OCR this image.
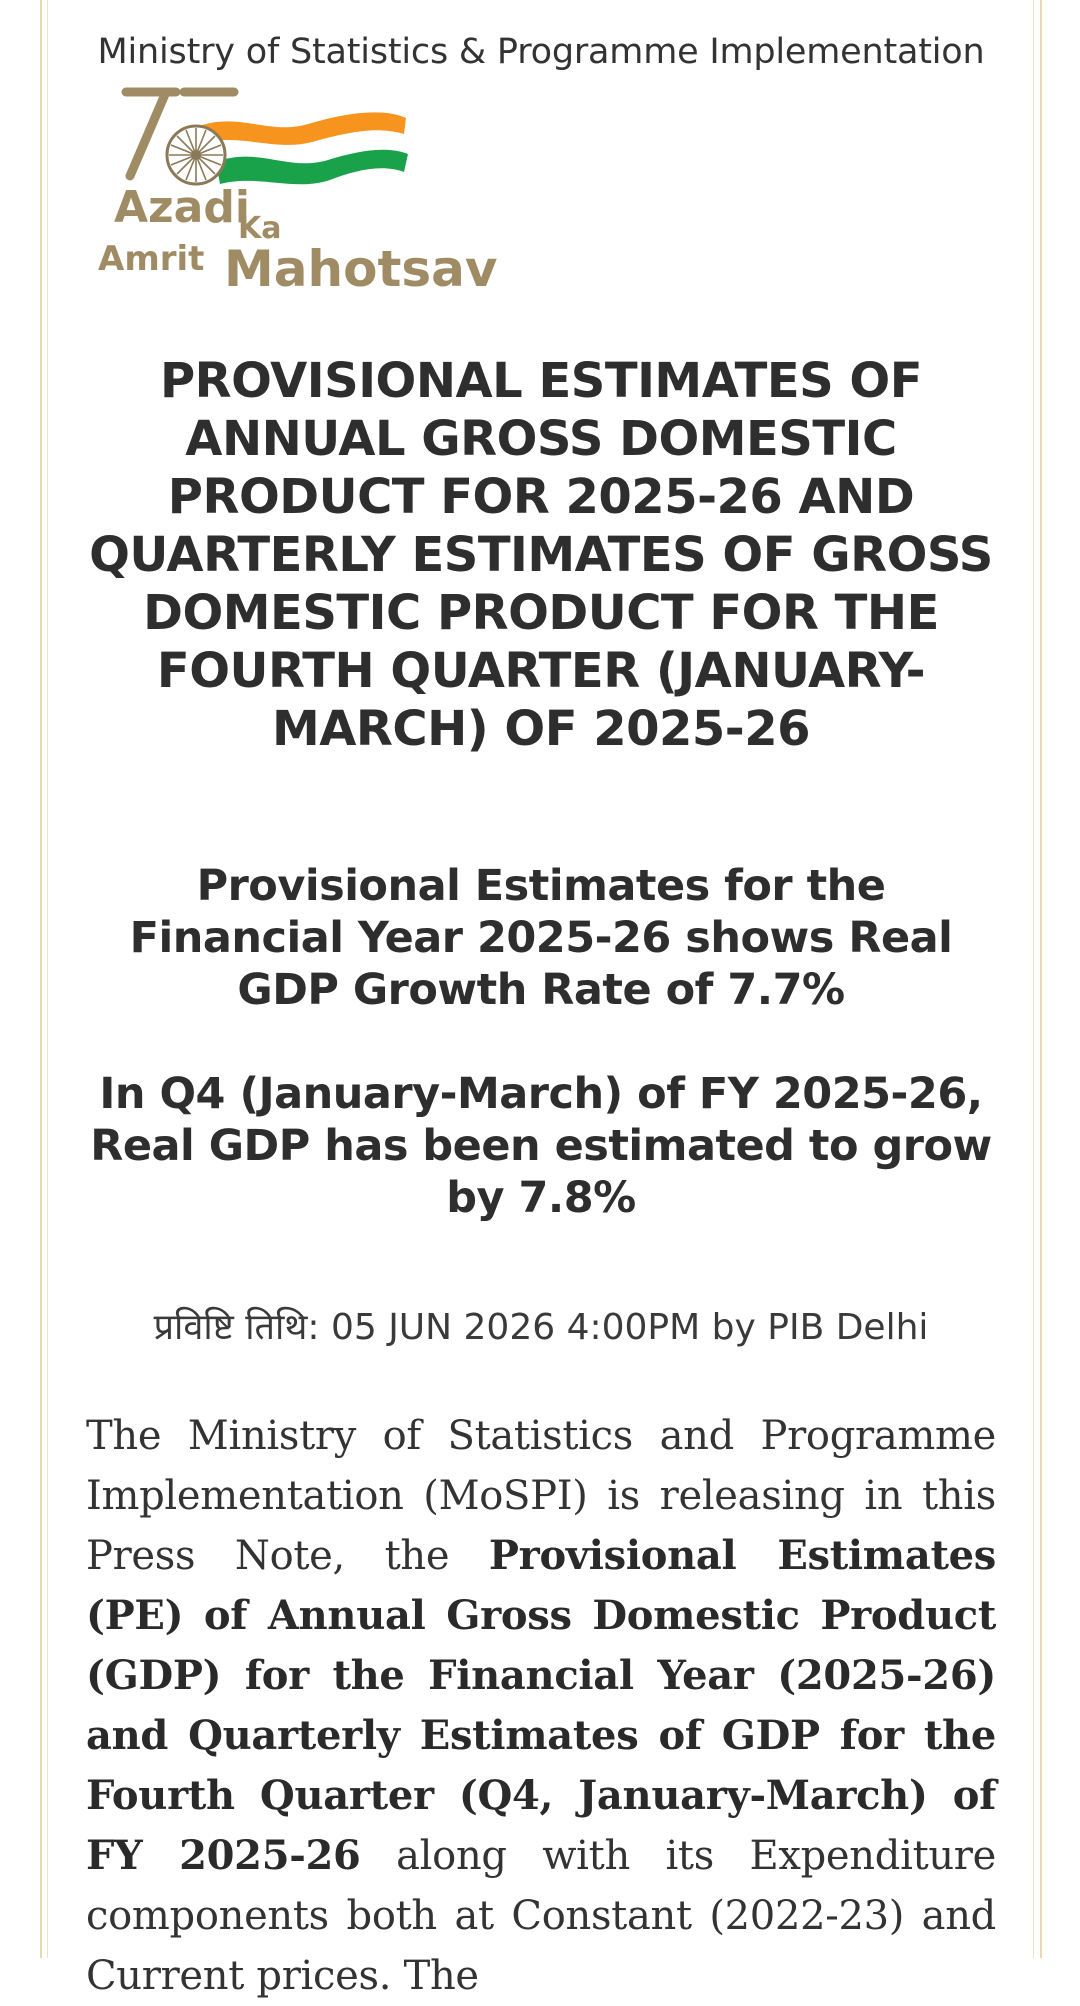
Ministry of Statistics & Programme Implementation
Azadi
Ka
Amrit Mahotsav
PROVISIONAL ESTIMATES OF ANNUAL GROSS DOMESTIC PRODUCT FOR 2025-26 AND QUARTERLY ESTIMATES OF GROSS DOMESTIC PRODUCT FOR THE FOURTH QUARTER (JANUARY-MARCH) OF 2025-26
Provisional Estimates for the Financial Year 2025-26 shows Real GDP Growth Rate of 7.7%
In Q4 (January-March) of FY 2025-26, Real GDP has been estimated to grow by 7.8%
प्रविष्टि तिथि: 05 JUN 2026 4:00PM by PIB Delhi
The Ministry of Statistics and Programme Implementation (MoSPI) is releasing in this Press Note, the Provisional Estimates (PE) of Annual Gross Domestic Product (GDP) for the Financial Year (2025-26) and Quarterly Estimates of GDP for the Fourth Quarter (Q4, January-March) of FY 2025-26 along with its Expenditure components both at Constant (2022-23) and Current prices. The
